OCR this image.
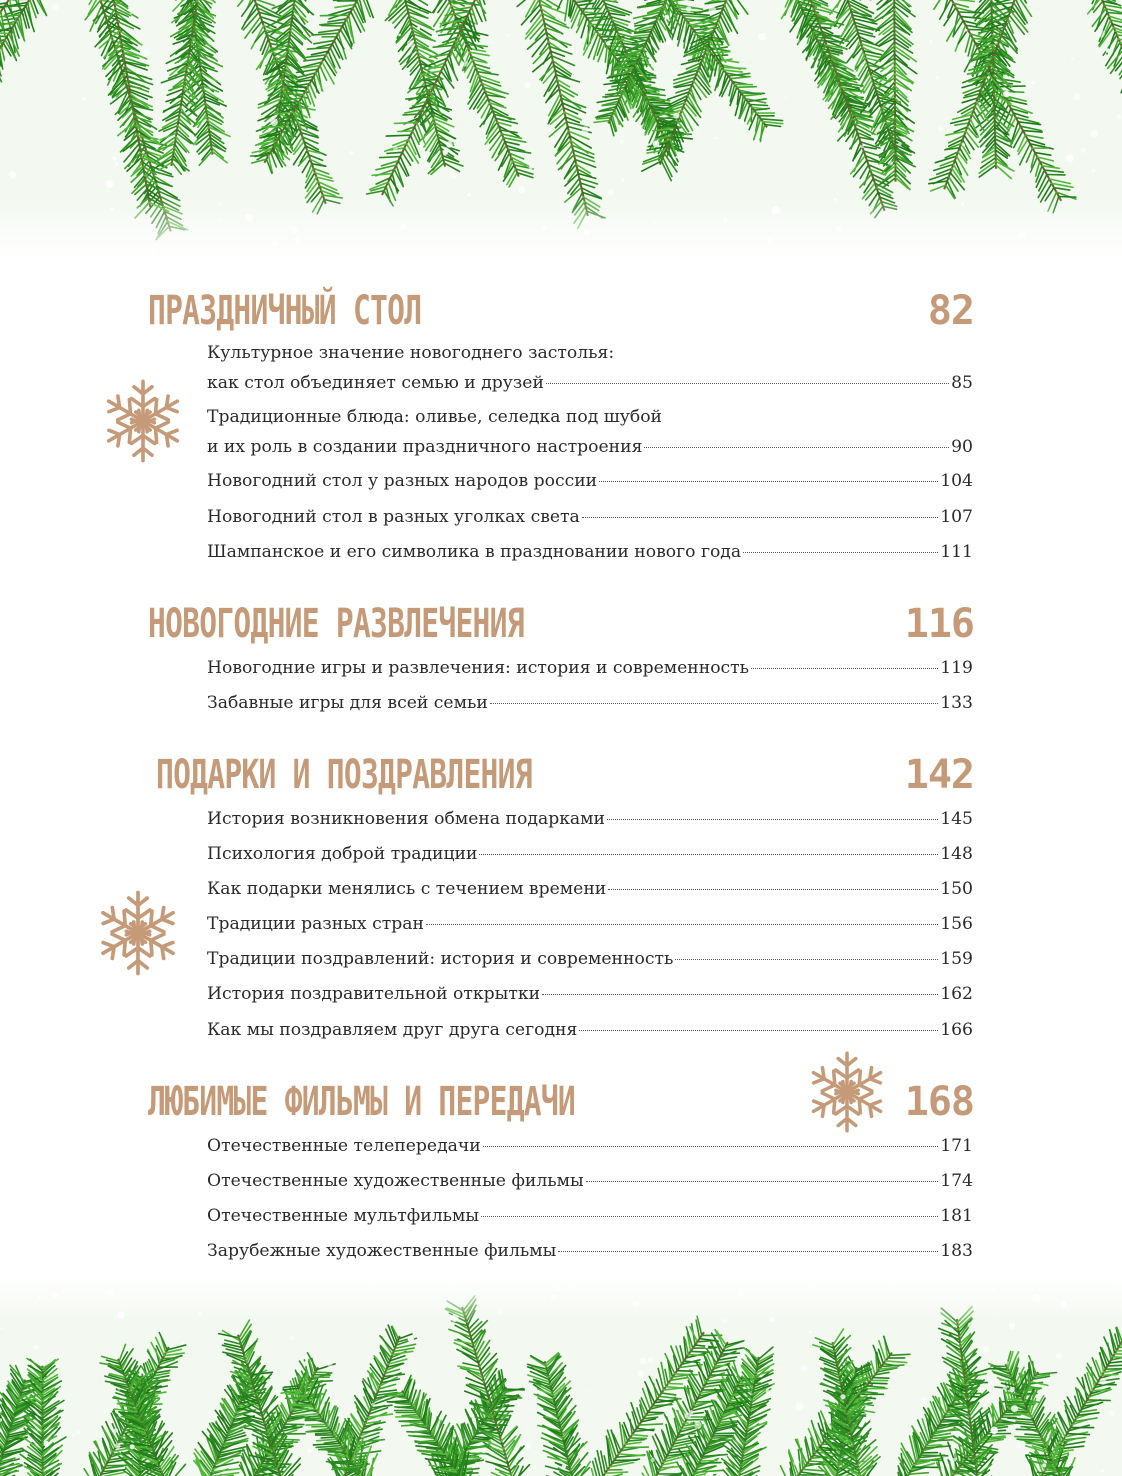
ПРАЗДНИЧНЫЙ СТОЛ	82
Культурное значение новогоднего застолья:
как стол объединяет семью и друзей	85
Традиционные блюда: оливье, селедка под шубой
и их роль в создании праздничного настроения	90
Новогодний стол у разных народов россии	104
Новогодний стол в разных уголках света	107
Шампанское и его символика в праздновании нового года	111
НОВОГОДНИЕ РАЗВЛЕЧЕНИЯ	116
Новогодние игры и развлечения: история и современность	119
Забавные игры для всей семьи	133
ПОДАРКИ И ПОЗДРАВЛЕНИЯ	142
История возникновения обмена подарками	145
Психология доброй традиции	148
Как подарки менялись с течением времени	150
Традиции разных стран	156
Традиции поздравлений: история и современность	159
История поздравительной открытки	162
Как мы поздравляем друг друга сегодня	166
ЛЮБИМЫЕ ФИЛЬМЫ И ПЕРЕДАЧИ	168
Отечественные телепередачи	171
Отечественные художественные фильмы	174
Отечественные мультфильмы	181
Зарубежные художественные фильмы	183
